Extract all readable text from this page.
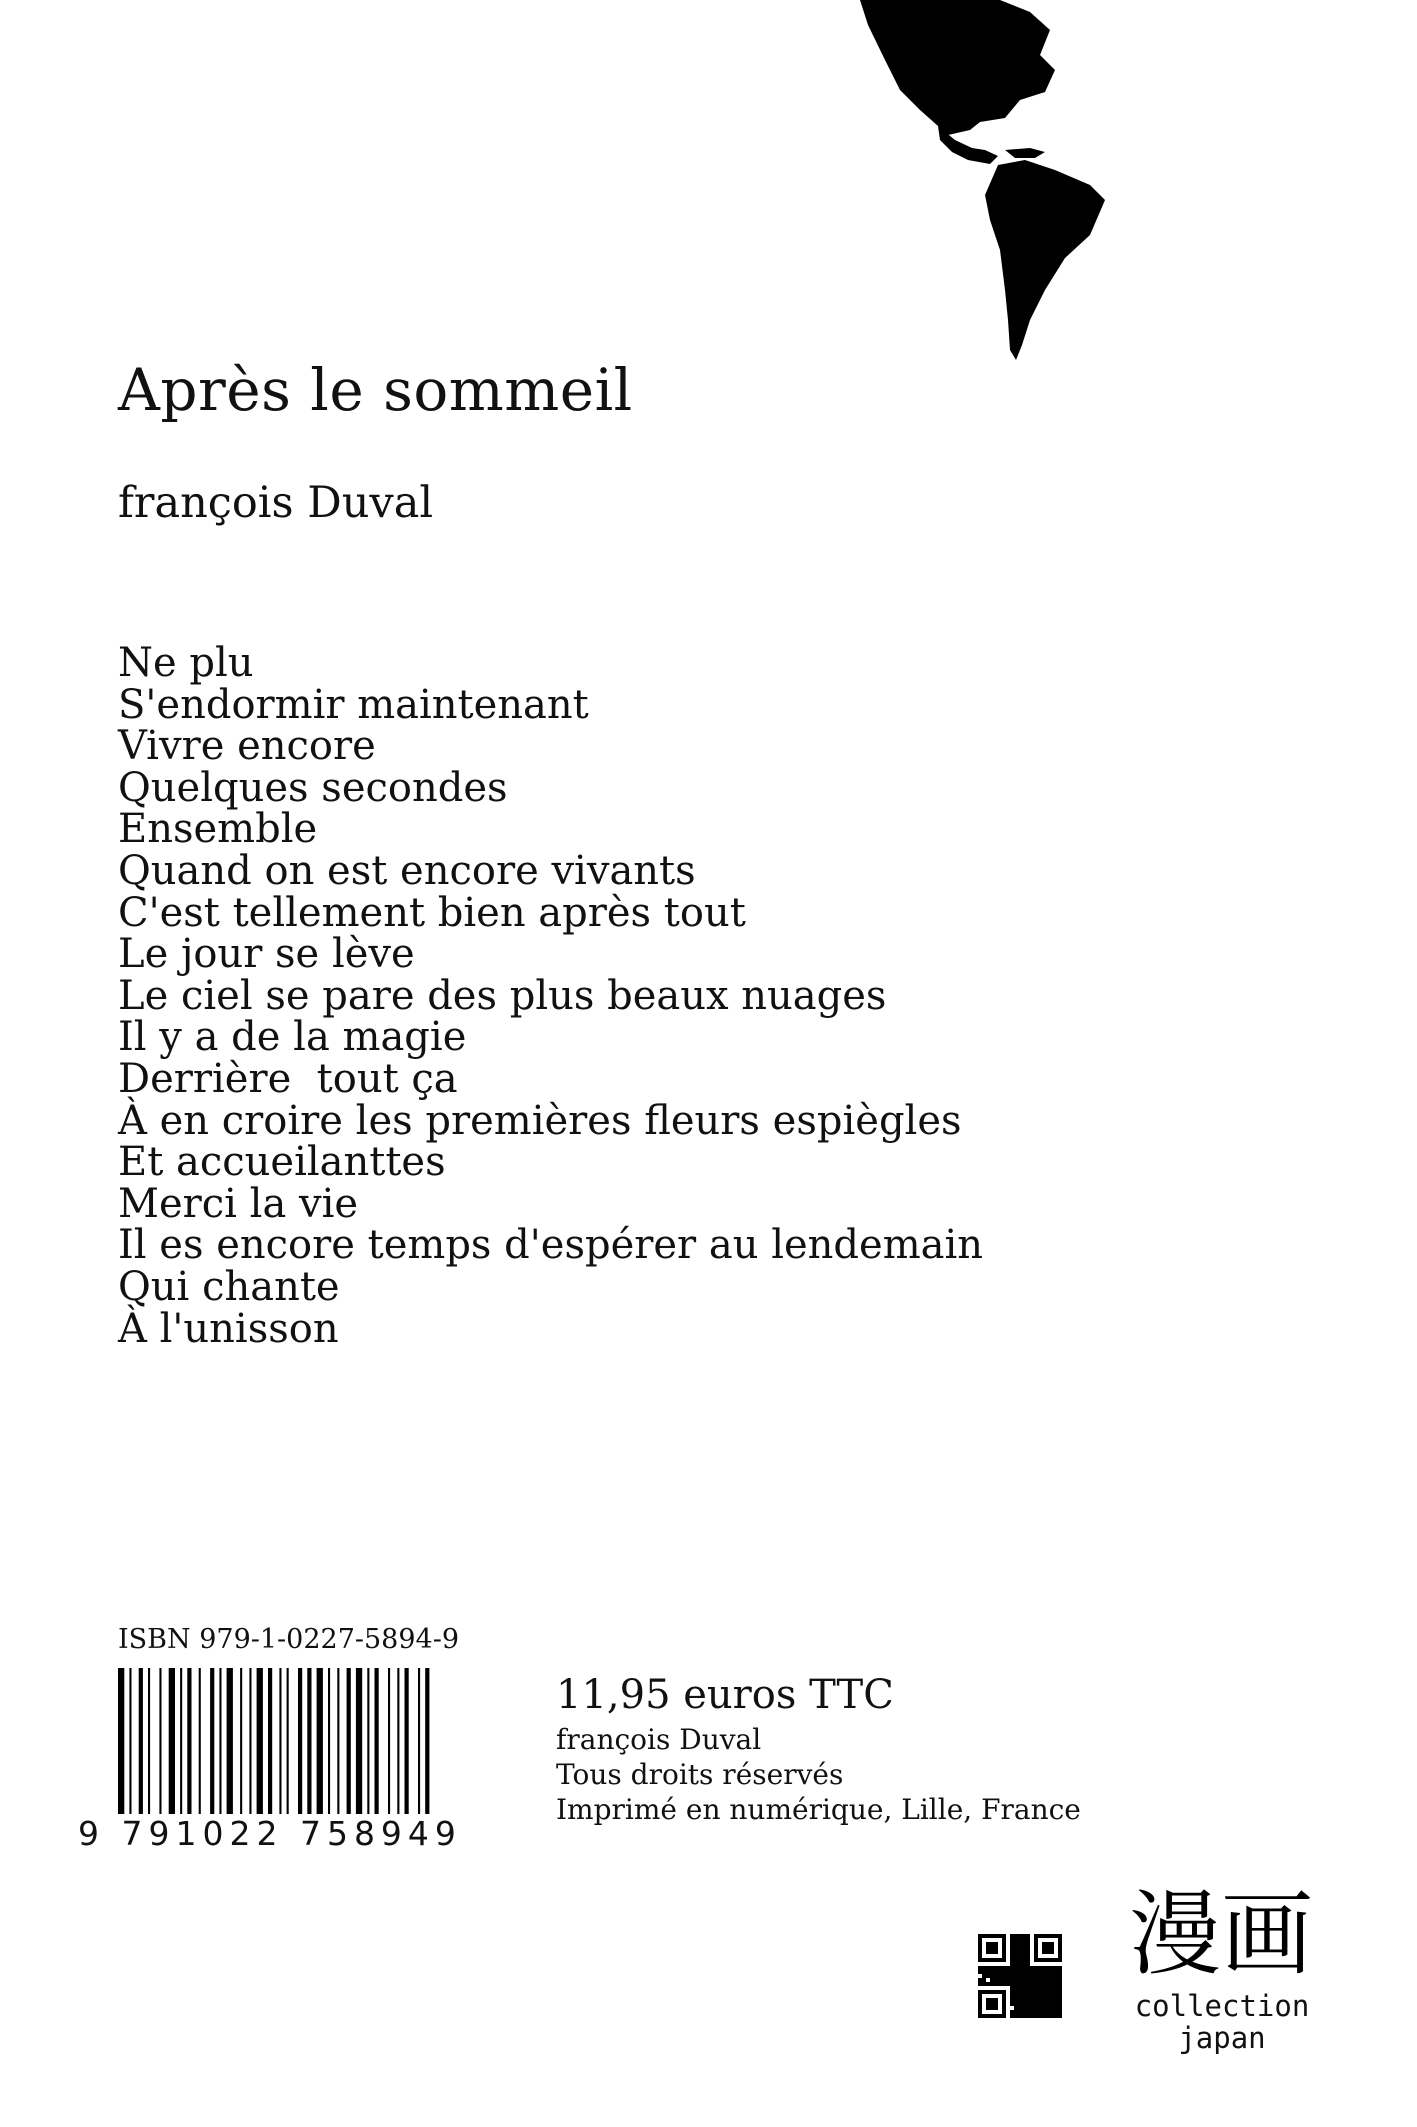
Après le sommeil
françois Duval
Ne plu
S'endormir maintenant
Vivre encore
Quelques secondes
Ensemble
Quand on est encore vivants
C'est tellement bien après tout
Le jour se lève
Le ciel se pare des plus beaux nuages
Il y a de la magie
Derrière  tout ça
À en croire les premières fleurs espiègles
Et accueilanttes
Merci la vie
Il es encore temps d'espérer au lendemain
Qui chante
À l'unisson
ISBN 979-1-0227-5894-9
9 791022 758949
11,95 euros TTC
françois Duval
Tous droits réservés
Imprimé en numérique, Lille, France
漫画
collection
japan
